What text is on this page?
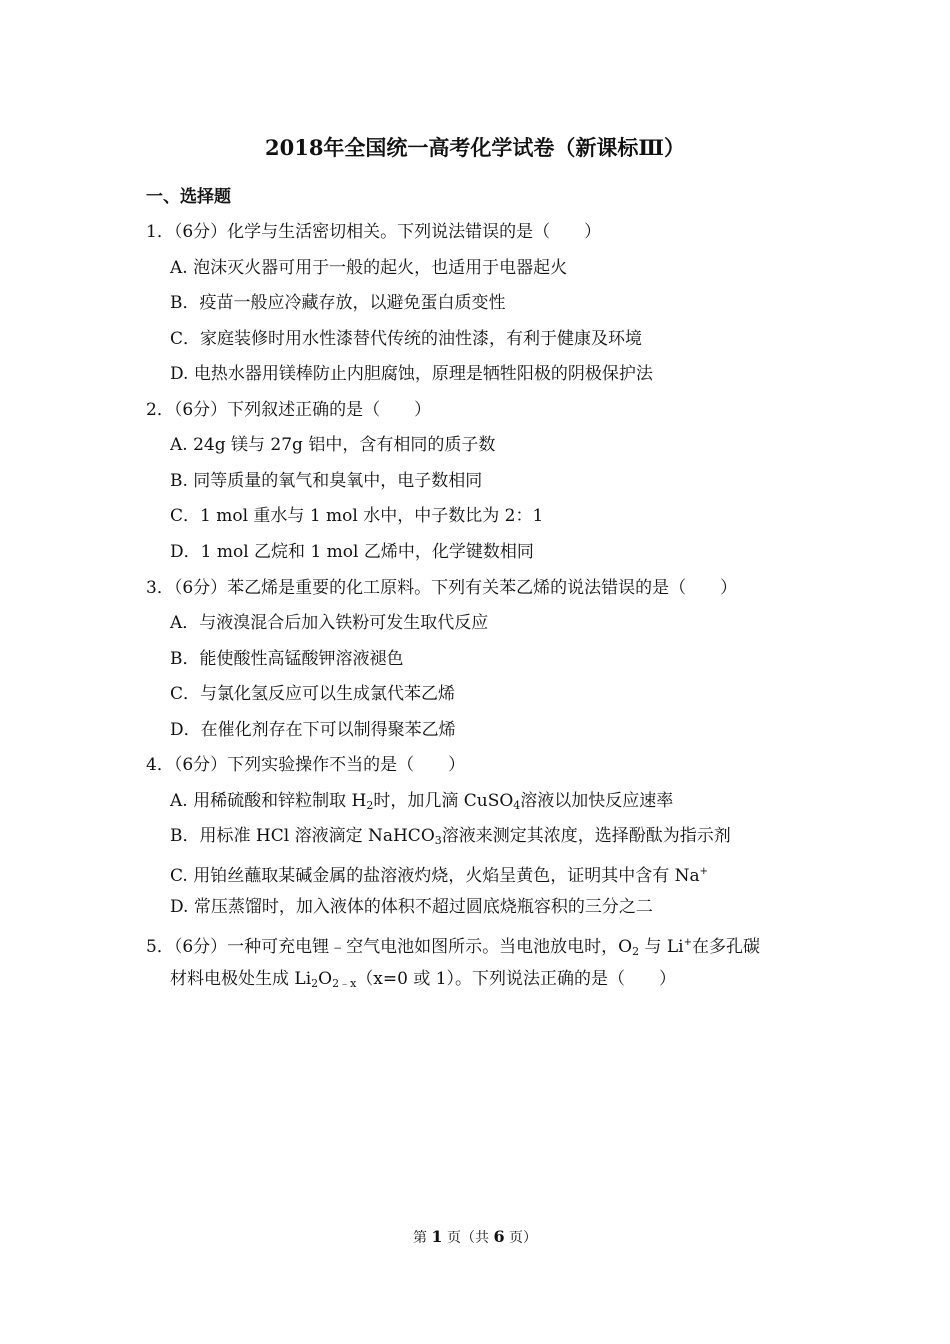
2018年全国统一高考化学试卷（新课标Ⅲ）
一、选择题
1．（6分）化学与生活密切相关。下列说法错误的是（　　）
A. 泡沫灭火器可用于一般的起火，也适用于电器起火
B．疫苗一般应冷藏存放，以避免蛋白质变性
C．家庭装修时用水性漆替代传统的油性漆，有利于健康及环境
D. 电热水器用镁棒防止内胆腐蚀，原理是牺牲阳极的阴极保护法
2．（6分）下列叙述正确的是（　　）
A. 24g 镁与 27g 铝中，含有相同的质子数
B. 同等质量的氧气和臭氧中，电子数相同
C．1 mol 重水与 1 mol 水中，中子数比为 2：1
D．1 mol 乙烷和 1 mol 乙烯中，化学键数相同
3．（6分）苯乙烯是重要的化工原料。下列有关苯乙烯的说法错误的是（　　）
A．与液溴混合后加入铁粉可发生取代反应
B．能使酸性高锰酸钾溶液褪色
C．与氯化氢反应可以生成氯代苯乙烯
D．在催化剂存在下可以制得聚苯乙烯
4．（6分）下列实验操作不当的是（　　）
A. 用稀硫酸和锌粒制取 $H_2$时，加几滴 CuSO$_4$溶液以加快反应速率
B．用标准 HCl 溶液滴定 NaHCO$_3$溶液来测定其浓度，选择酚酞为指示剂
C. 用铂丝蘸取某碱金属的盐溶液灼烧，火焰呈黄色，证明其中含有 Na+
D. 常压蒸馏时，加入液体的体积不超过圆底烧瓶容积的三分之二
5．（6分）一种可充电锂﹣空气电池如图所示。当电池放电时，$O_2$ 与 Li+在多孔碳
材料电极处生成 $Li_2O_{2﹣x}(x=0$ 或 1）。下列说法正确的是（　　）
第 1 页（共 6 页）
